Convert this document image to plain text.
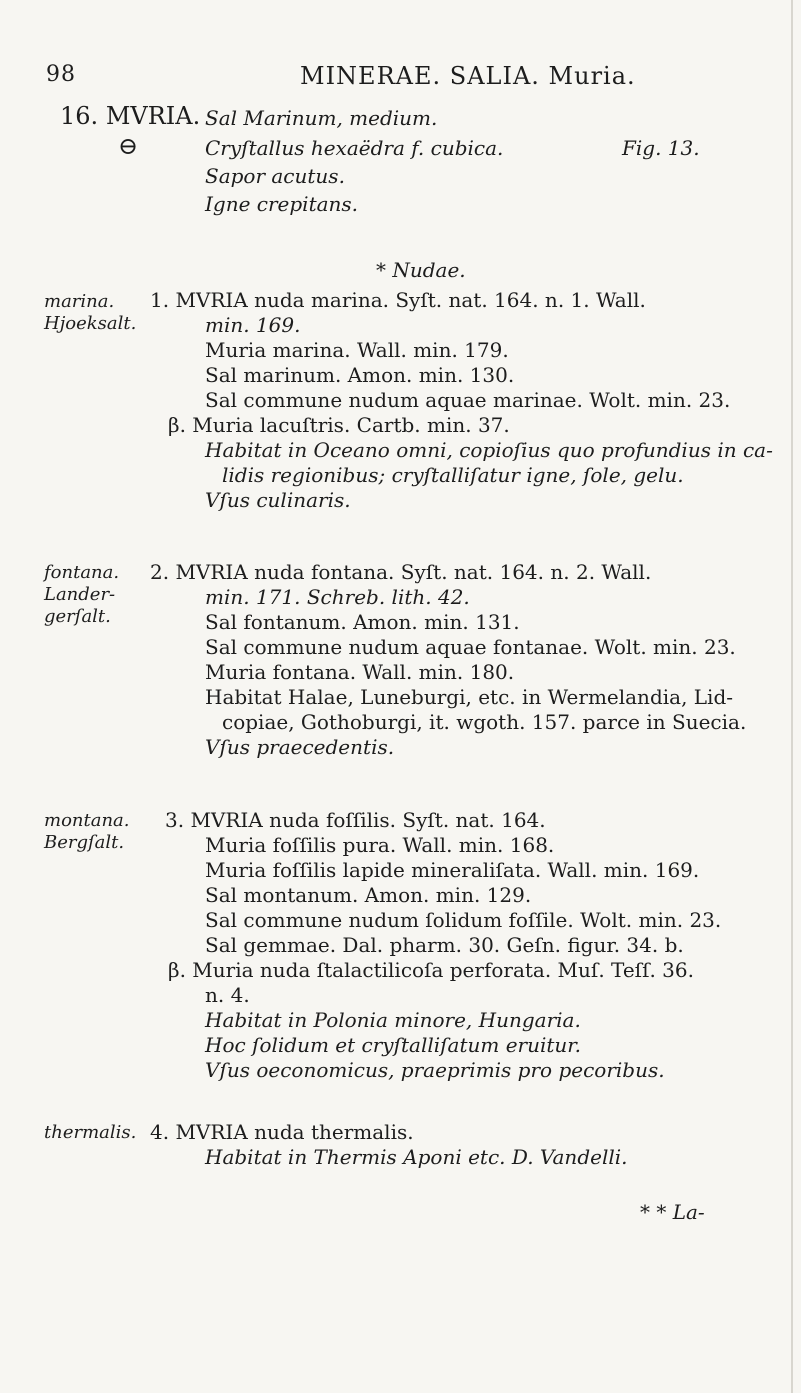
98	MINERAE. SALIA. Muria.
16. MVRIA. Sal Marinum, medium.
⊖	Cryſtallus hexaëdra f. cubica.	Fig. 13.
Sapor acutus.
Igne crepitans.
* Nudae.
marina.
Hjoeksalt.
1. MVRIA nuda marina. Syſt. nat. 164. n. 1. Wall.
min. 169.
Muria marina. Wall. min. 179.
Sal marinum. Amon. min. 130.
Sal commune nudum aquae marinae. Wolt. min. 23.
β. Muria lacuſtris. Cartb. min. 37.
Habitat in Oceano omni, copioſius quo profundius in ca-
lidis regionibus; cryſtalliſatur igne, ſole, gelu.
Vſus culinaris.
fontana.
Lander-
gerſalt.
2. MVRIA nuda fontana. Syſt. nat. 164. n. 2. Wall.
min. 171. Schreb. lith. 42.
Sal fontanum. Amon. min. 131.
Sal commune nudum aquae fontanae. Wolt. min. 23.
Muria fontana. Wall. min. 180.
Habitat Halae, Luneburgi, etc. in Wermelandia, Lid-
copiae, Gothoburgi, it. wgoth. 157. parce in Suecia.
Vſus praecedentis.
montana.
Bergſalt.
3. MVRIA nuda foſſilis. Syſt. nat. 164.
Muria foſſilis pura. Wall. min. 168.
Muria foſſilis lapide mineraliſata. Wall. min. 169.
Sal montanum. Amon. min. 129.
Sal commune nudum ſolidum foſſile. Wolt. min. 23.
Sal gemmae. Dal. pharm. 30. Geſn. figur. 34. b.
β. Muria nuda ſtalactilicoſa perforata. Muſ. Teſſ. 36.
n. 4.
Habitat in Polonia minore, Hungaria.
Hoc ſolidum et cryſtalliſatum eruitur.
Vſus oeconomicus, praeprimis pro pecoribus.
thermalis. 4. MVRIA nuda thermalis.
Habitat in Thermis Aponi etc. D. Vandelli.
* * La-
